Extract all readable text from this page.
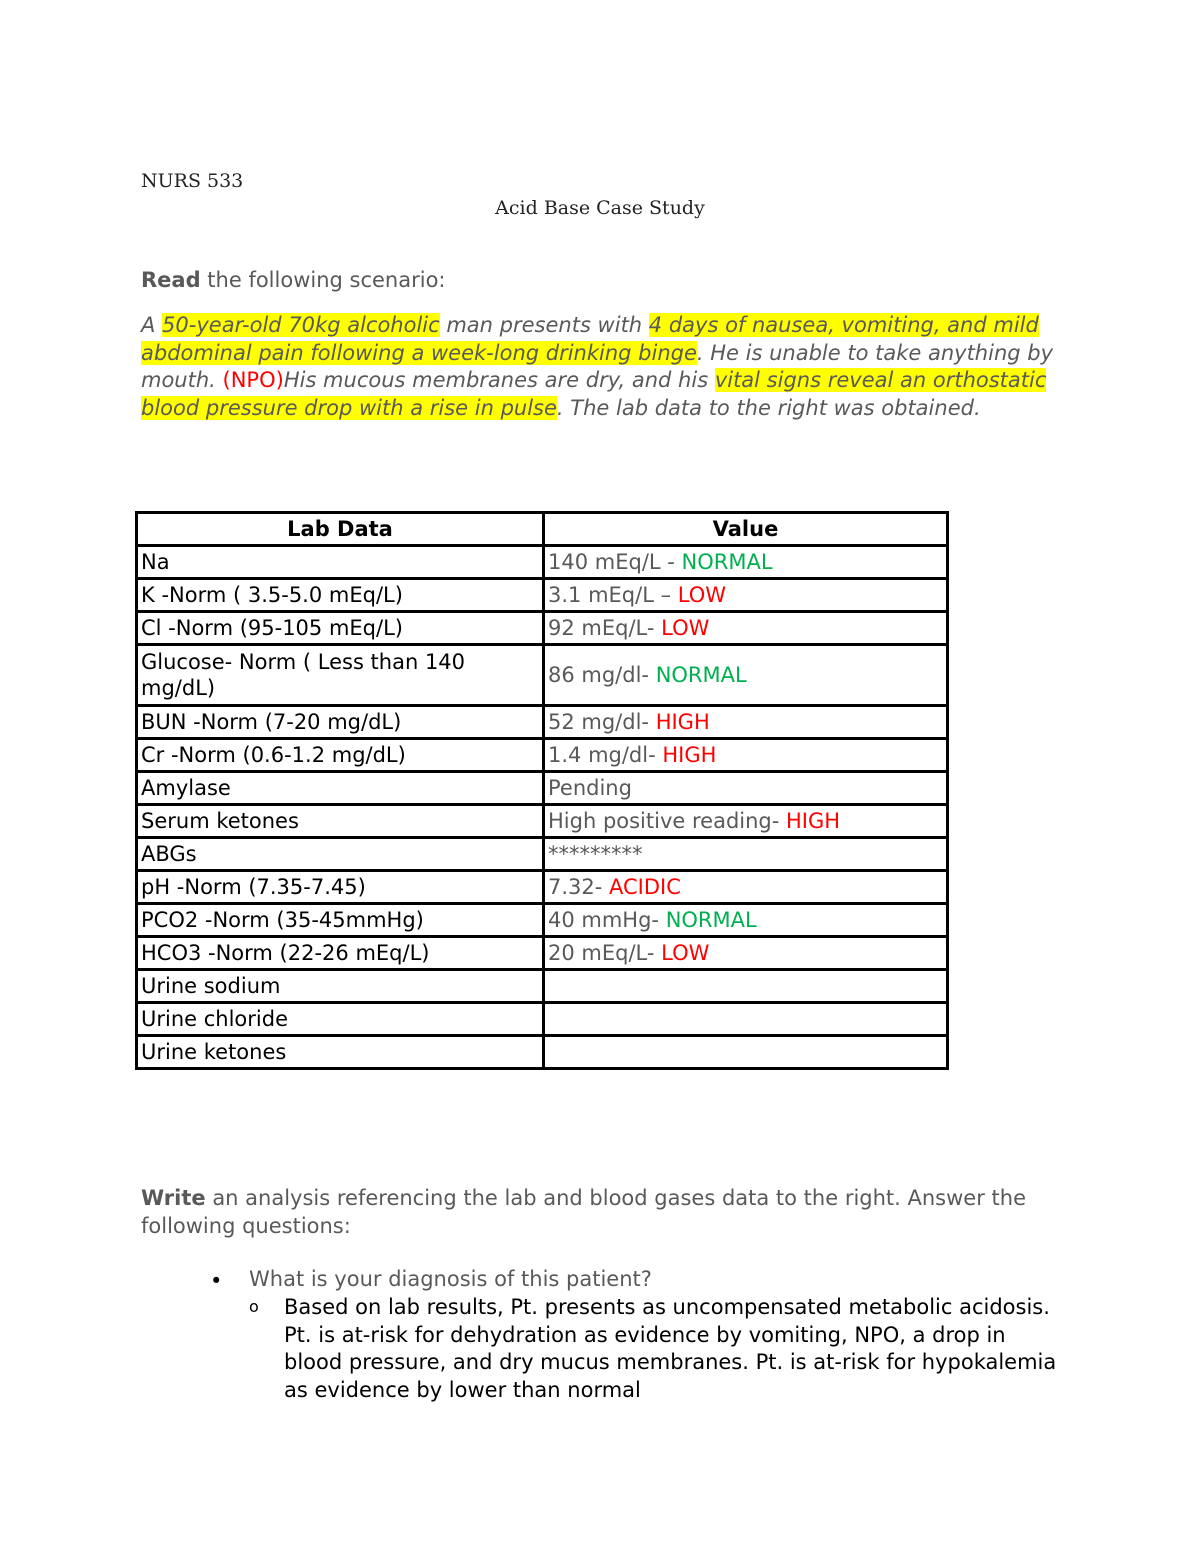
NURS 533
Acid Base Case Study
Read the following scenario:
A 50-year-old 70kg alcoholic man presents with 4 days of nausea, vomiting, and mild abdominal pain following a week-long drinking binge. He is unable to take anything by mouth. (NPO)His mucous membranes are dry, and his vital signs reveal an orthostatic blood pressure drop with a rise in pulse. The lab data to the right was obtained.
Lab Data	Value
Na	140 mEq/L - NORMAL
K -Norm ( 3.5-5.0 mEq/L)	3.1 mEq/L – LOW
Cl -Norm (95-105 mEq/L)	92 mEq/L- LOW
Glucose- Norm ( Less than 140 mg/dL)	86 mg/dl- NORMAL
BUN -Norm (7-20 mg/dL)	52 mg/dl- HIGH
Cr -Norm (0.6-1.2 mg/dL)	1.4 mg/dl- HIGH
Amylase	Pending
Serum ketones	High positive reading- HIGH
ABGs	*********
pH -Norm (7.35-7.45)	7.32- ACIDIC
PCO2 -Norm (35-45mmHg)	40 mmHg- NORMAL
HCO3 -Norm (22-26 mEq/L)	20 mEq/L- LOW
Urine sodium	
Urine chloride	
Urine ketones	
Write an analysis referencing the lab and blood gases data to the right. Answer the following questions:
• What is your diagnosis of this patient?
o Based on lab results, Pt. presents as uncompensated metabolic acidosis. Pt. is at-risk for dehydration as evidence by vomiting, NPO, a drop in blood pressure, and dry mucus membranes. Pt. is at-risk for hypokalemia as evidence by lower than normal
